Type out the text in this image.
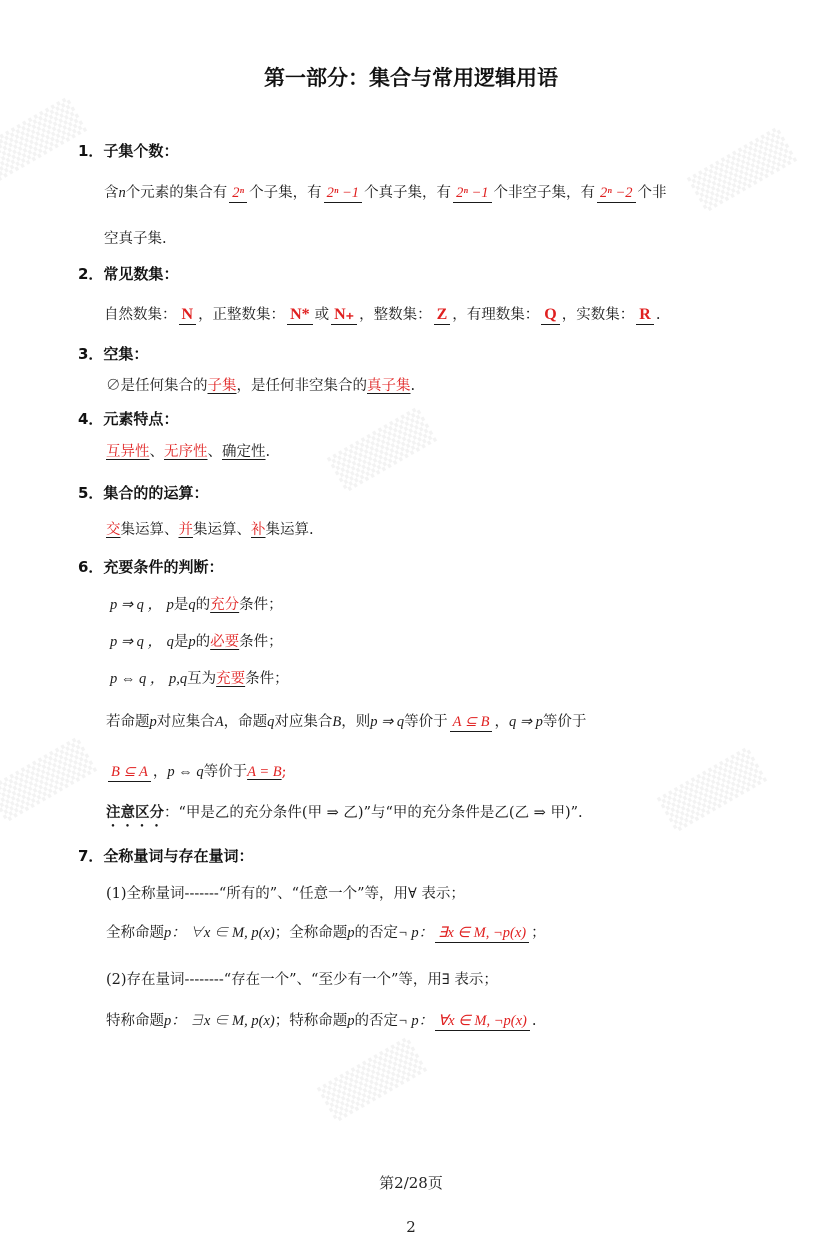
第一部分：集合与常用逻辑用语
1．子集个数：
含n个元素的集合有 2ⁿ 个子集，有 2ⁿ −1 个真子集，有 2ⁿ −1 个非空子集，有 2ⁿ −2 个非
空真子集.
2．常见数集：
自然数集： N ，正整数集： N* 或 N₊ ，整数集： Z ，有理数集： Q ，实数集： R .
3．空集：
∅是任何集合的子集，是任何非空集合的真子集.
4．元素特点：
互异性、无序性、确定性.
5．集合的的运算：
交集运算、并集运算、补集运算.
6．充要条件的判断：
p ⇒ q ， p是q的充分条件；
p ⇒ q ， q是p的必要条件；
p ⇔ q ， p,q互为充要条件；
若命题p对应集合A，命题q对应集合B，则p ⇒ q等价于 A ⊆ B ，q ⇒ p等价于
B ⊆ A ，p ⇔ q等价于A = B;
注意区分：“甲是乙的充分条件(甲 ⇒ 乙)”与“甲的充分条件是乙(乙 ⇒ 甲)”.
7．全称量词与存在量词：
(1)全称量词-------“所有的”、“任意一个”等，用∀ 表示；
全称命题p： ∀x ∈ M, p(x)；全称命题p的否定¬ p： ∃x ∈ M, ¬p(x) ；
(2)存在量词--------“存在一个”、“至少有一个”等，用∃ 表示；
特称命题p： ∃x ∈ M, p(x)；特称命题p的否定¬ p： ∀x ∈ M, ¬p(x) .
第2/28页
2
